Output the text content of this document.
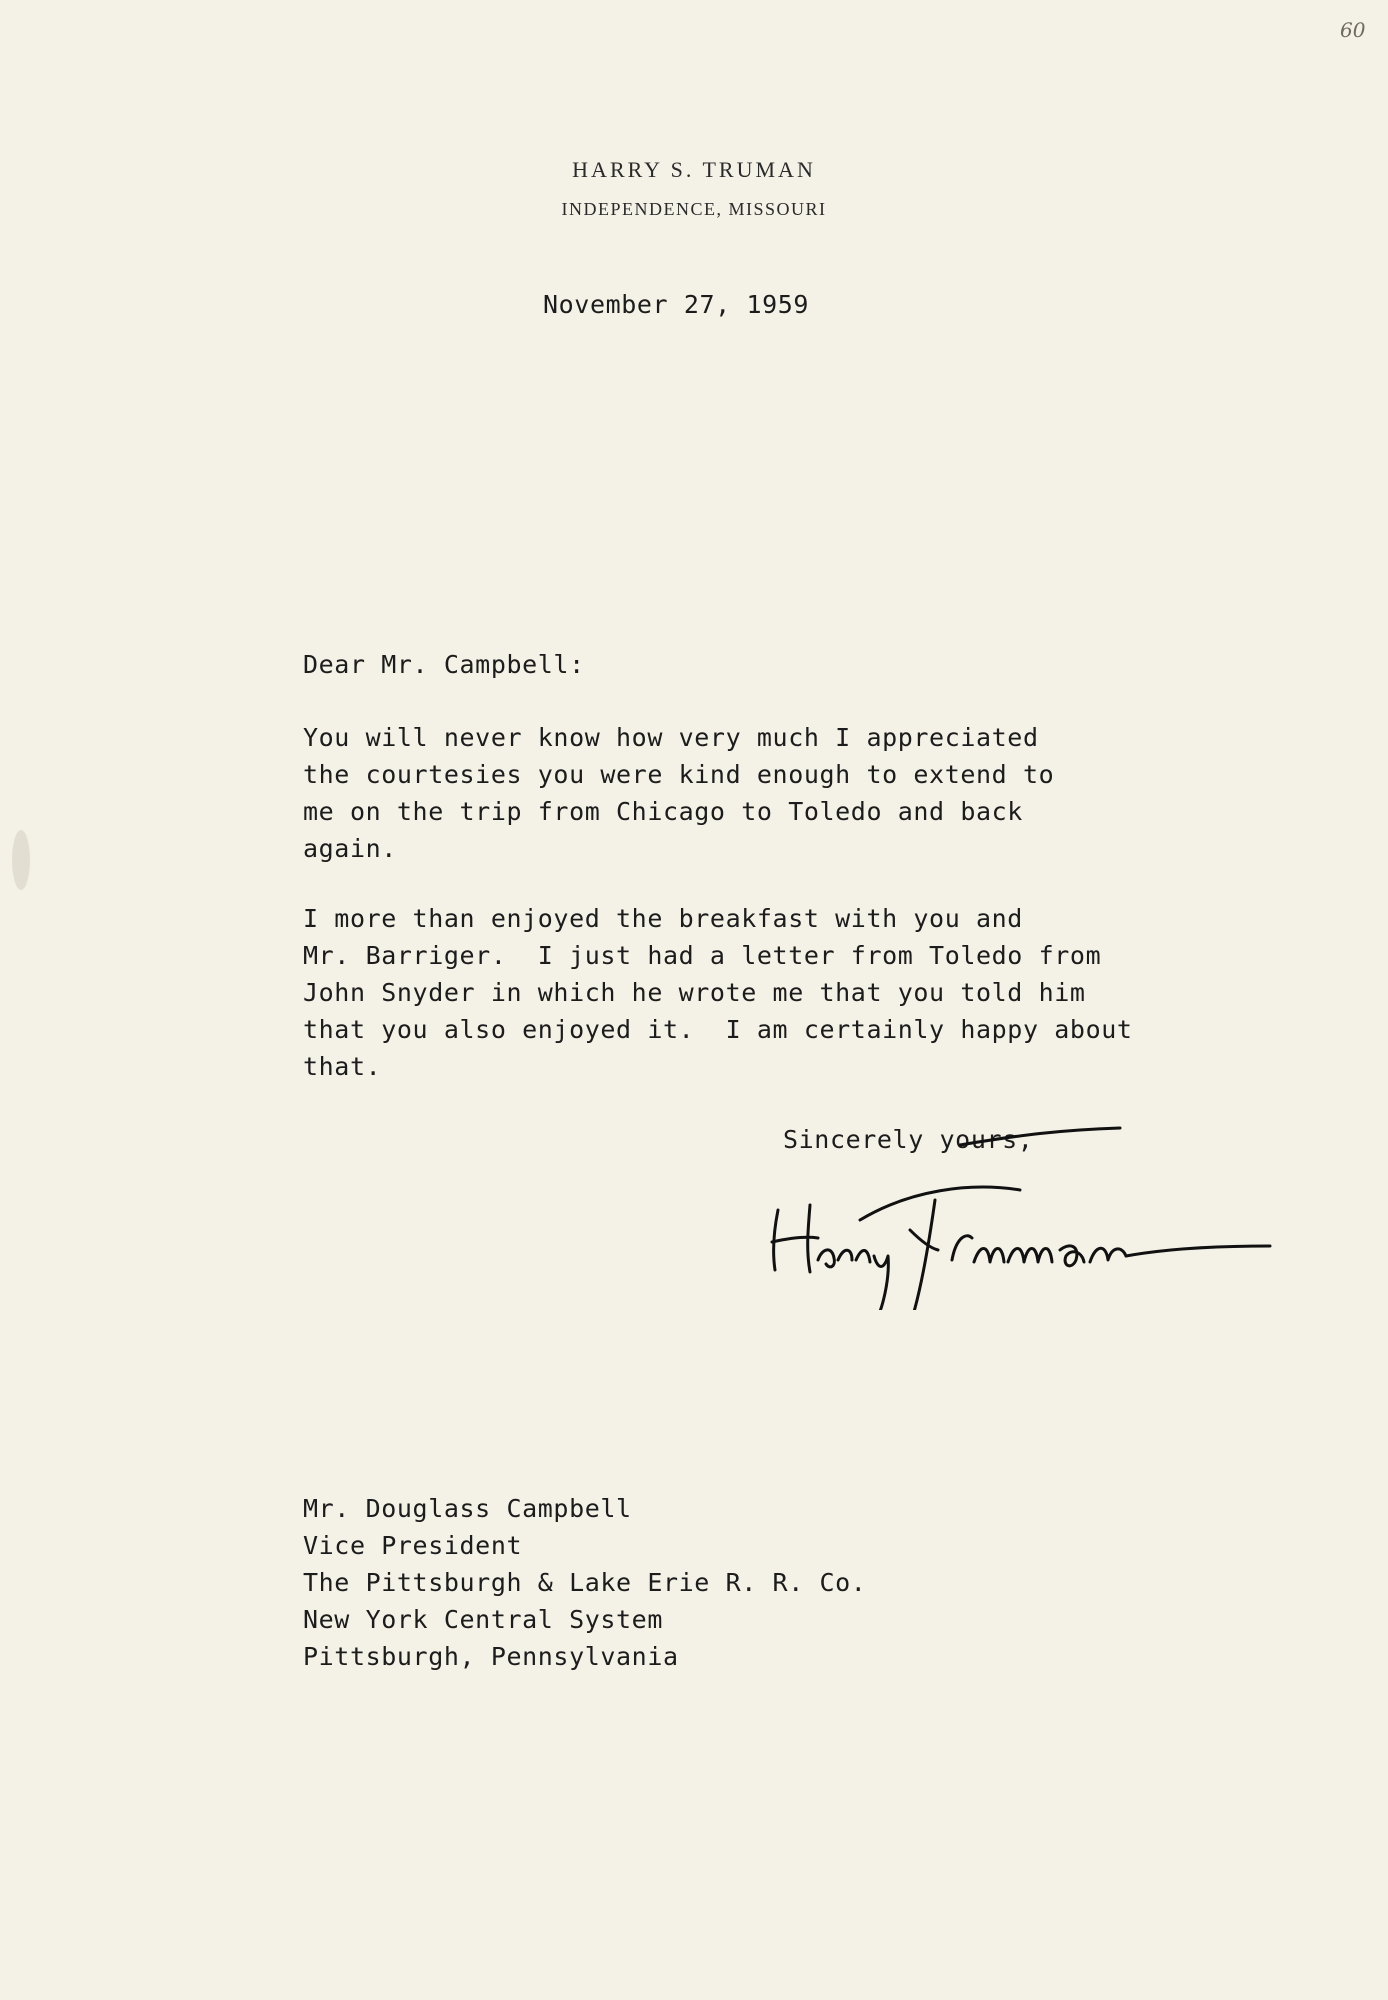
60
HARRY S. TRUMAN
INDEPENDENCE, MISSOURI
November 27, 1959
Dear Mr. Campbell:
You will never know how very much I appreciated
the courtesies you were kind enough to extend to
me on the trip from Chicago to Toledo and back
again.
I more than enjoyed the breakfast with you and
Mr. Barriger.  I just had a letter from Toledo from
John Snyder in which he wrote me that you told him
that you also enjoyed it.  I am certainly happy about
that.
Sincerely yours,
Mr. Douglass Campbell
Vice President
The Pittsburgh & Lake Erie R. R. Co.
New York Central System
Pittsburgh, Pennsylvania
